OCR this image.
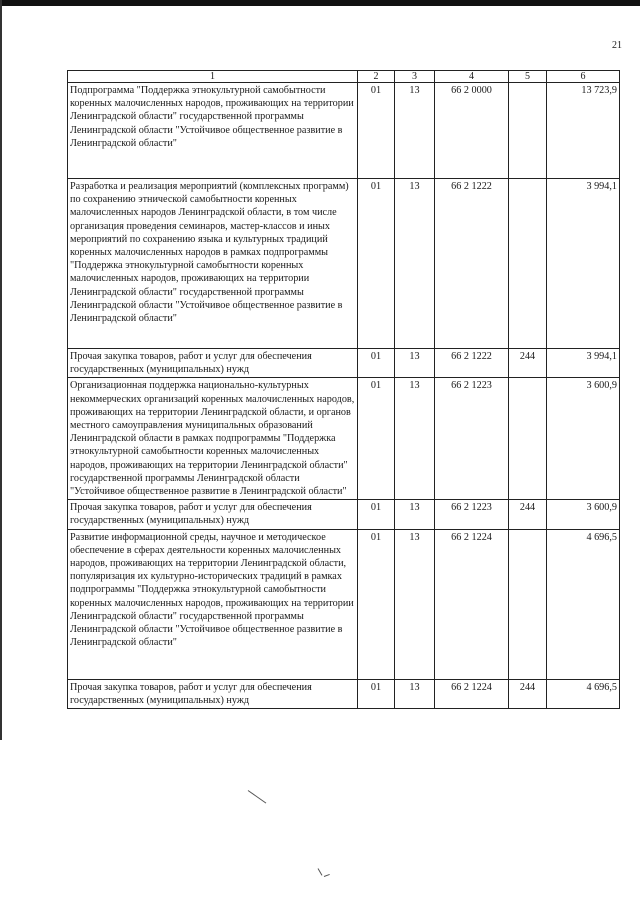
21
1	2	3	4	5	6
Подпрограмма "Поддержка этнокультурной самобытности коренных малочисленных народов, проживающих на территории Ленинградской области" государственной программы Ленинградской области "Устойчивое общественное развитие в Ленинградской области"	01	13	66 2 0000		13 723,9
Разработка и реализация мероприятий (комплексных программ) по сохранению этнической самобытности коренных малочисленных народов Ленинградской области, в том числе организация проведения семинаров, мастер-классов и иных мероприятий по сохранению языка и культурных традиций коренных малочисленных народов в рамках подпрограммы "Поддержка этнокультурной самобытности коренных малочисленных народов, проживающих на территории Ленинградской области" государственной программы Ленинградской области "Устойчивое общественное развитие в Ленинградской области"	01	13	66 2 1222		3 994,1
Прочая закупка товаров, работ и услуг для обеспечения государственных (муниципальных) нужд	01	13	66 2 1222	244	3 994,1
Организационная поддержка национально-культурных некоммерческих организаций коренных малочисленных народов, проживающих на территории Ленинградской области, и органов местного самоуправления муниципальных образований Ленинградской области в рамках подпрограммы "Поддержка этнокультурной самобытности коренных малочисленных народов, проживающих на территории Ленинградской области" государственной программы Ленинградской области "Устойчивое общественное развитие в Ленинградской области"	01	13	66 2 1223		3 600,9
Прочая закупка товаров, работ и услуг для обеспечения государственных (муниципальных) нужд	01	13	66 2 1223	244	3 600,9
Развитие информационной среды, научное и методическое обеспечение в сферах деятельности коренных малочисленных народов, проживающих на территории Ленинградской области, популяризация их культурно-исторических традиций в рамках подпрограммы "Поддержка этнокультурной самобытности коренных малочисленных народов, проживающих на территории Ленинградской области" государственной программы Ленинградской области "Устойчивое общественное развитие в Ленинградской области"	01	13	66 2 1224		4 696,5
Прочая закупка товаров, работ и услуг для обеспечения государственных (муниципальных) нужд	01	13	66 2 1224	244	4 696,5
